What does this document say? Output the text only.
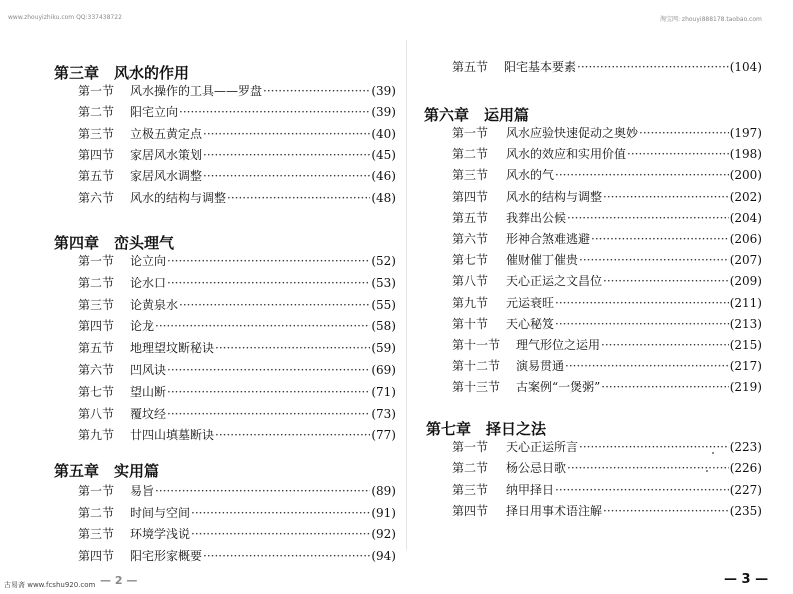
www.zhouyizhiku.com QQ:337438722	淘宝网: zhouyi888178.taobao.com
古易斋 www.fcshu920.com
第三章 风水的作用
第一节	风水操作的工具——罗盘 ·····	(39)
第二节	阳宅立向 ·····	(39)
第三节	立极五黄定点 ·····	(40)
第四节	家居风水策划 ·····	(45)
第五节	家居风水调整 ·····	(46)
第六节	风水的结构与调整 ·····	(48)
第四章 峦头理气
第一节	论立向 ·····	(52)
第二节	论水口 ·····	(53)
第三节	论黄泉水 ·····	(55)
第四节	论龙 ·····	(58)
第五节	地理望坟断秘诀 ·····	(59)
第六节	凹风诀 ·····	(69)
第七节	望山断 ·····	(71)
第八节	覆坟经 ·····	(73)
第九节	廿四山填墓断诀 ·····	(77)
第五章 实用篇
第一节	易旨 ·····	(89)
第二节	时间与空间 ·····	(91)
第三节	环境学浅说 ·····	(92)
第四节	阳宅形家概要 ·····	(94)
第五节	阳宅基本要素 ·····	(104)
第六章 运用篇
第一节	风水应验快速促动之奥妙 ·····	(197)
第二节	风水的效应和实用价值 ·····	(198)
第三节	风水的气 ·····	(200)
第四节	风水的结构与调整 ·····	(202)
第五节	我葬出公候 ·····	(204)
第六节	形神合煞难逃避 ·····	(206)
第七节	催财催丁催贵 ·····	(207)
第八节	天心正运之文昌位 ·····	(209)
第九节	元运衰旺 ·····	(211)
第十节	天心秘笈 ·····	(213)
第十一节	理气形位之运用 ·····	(215)
第十二节	演易贯通 ·····	(217)
第十三节	古案例“一煲粥” ·····	(219)
第七章 择日之法
第一节	天心正运所言 ·····	(223)
第二节	杨公忌日歌 ·····	(226)
第三节	纳甲择日 ·····	(227)
第四节	择日用事术语注解 ·····	(235)
— 2 —	— 3 —
